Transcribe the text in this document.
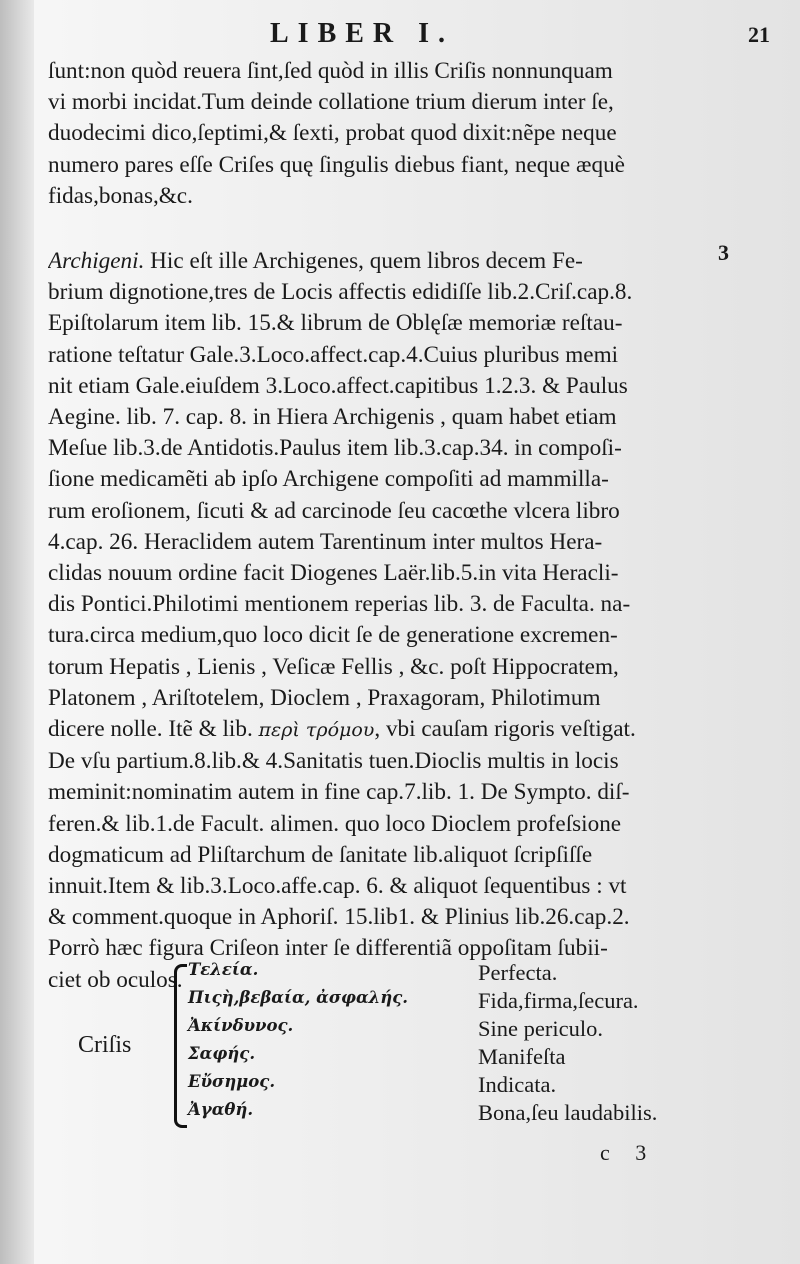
LIBER I.	21
3
ſunt:non quòd reuera ſint,ſed quòd in illis Criſis nonnunquam
vi morbi incidat.Tum deinde collatione trium dierum inter ſe,
duodecimi dico,ſeptimi,& ſexti, probat quod dixit:nẽpe neque
numero pares eſſe Criſes quę ſingulis diebus fiant, neque æquè
fidas,bonas,&c.
Archigeni. Hic eſt ille Archigenes, quem libros decem Fe-
brium dignotione,tres de Locis affectis edidiſſe lib.2.Criſ.cap.8.
Epiſtolarum item lib. 15.& librum de Oblęſæ memoriæ reſtau-
ratione teſtatur Gale.3.Loco.affect.cap.4.Cuius pluribus memi
nit etiam Gale.eiuſdem 3.Loco.affect.capitibus 1.2.3. & Paulus
Aegine. lib. 7. cap. 8. in Hiera Archigenis , quam habet etiam
Meſue lib.3.de Antidotis.Paulus item lib.3.cap.34. in compoſi-
ſione medicamẽti ab ipſo Archigene compoſiti ad mammilla-
rum eroſionem, ſicuti & ad carcinode ſeu cacœthe vlcera libro
4.cap. 26. Heraclidem autem Tarentinum inter multos Hera-
clidas nouum ordine facit Diogenes Laër.lib.5.in vita Heracli-
dis Pontici.Philotimi mentionem reperias lib. 3. de Faculta. na-
tura.circa medium,quo loco dicit ſe de generatione excremen-
torum Hepatis , Lienis , Veſicæ Fellis , &c. poſt Hippocratem,
Platonem , Ariſtotelem, Dioclem , Praxagoram, Philotimum
dicere nolle. Itẽ & lib. περὶ τρόμου, vbi cauſam rigoris veſtigat.
De vſu partium.8.lib.& 4.Sanitatis tuen.Dioclis multis in locis
meminit:nominatim autem in fine cap.7.lib. 1. De Sympto. diſ-
feren.& lib.1.de Facult. alimen. quo loco Dioclem profeſsione
dogmaticum ad Pliſtarchum de ſanitate lib.aliquot ſcripſiſſe
innuit.Item & lib.3.Loco.affe.cap. 6. & aliquot ſequentibus : vt
& comment.quoque in Aphoriſ. 15.lib1. & Plinius lib.26.cap.2.
Porrò hæc figura Criſeon inter ſe differentiã oppoſitam ſubii-
ciet ob oculos.
Criſis
Τελεία.	Perfecta.
Πιςὴ,βεβαία, ἀσφαλής.	Fida,firma,ſecura.
Ἀκίνδυνος.	Sine periculo.
Σαφής.	Manifeſta
Εὔσημος.	Indicata.
Ἀγαθή.	Bona,ſeu laudabilis.
c 3
